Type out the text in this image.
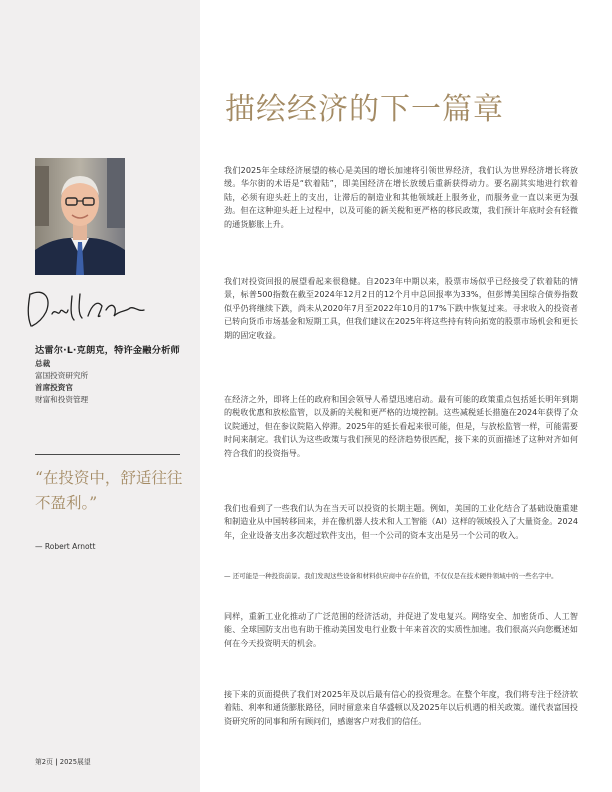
达雷尔·L·克朗克，特许金融分析师
总裁
富国投资研究所
首席投资官
财富和投资管理
“在投资中，舒适往往不盈利。”
— Robert Arnott
第2页 | 2025展望
描绘经济的下一篇章

我们2025年全球经济展望的核心是美国的增长加速将引领世界经济，我们认为世界经济增长将放缓。华尔街的术语是“软着陆”，即美国经济在增长放缓后重新获得动力。要名副其实地进行软着陆，必须有迎头赶上的支出，让滞后的制造业和其他领域赶上服务业，而服务业一直以来更为强劲。但在这种迎头赶上过程中，以及可能的新关税和更严格的移民政策，我们预计年底时会有轻微的通货膨胀上升。

我们对投资回报的展望看起来很稳健。自2023年中期以来，股票市场似乎已经接受了软着陆的情景，标普500指数在截至2024年12月2日的12个月中总回报率为33%，但彭博美国综合债券指数似乎仍将继续下跌，尚未从2020年7月至2022年10月的17%下跌中恢复过来。寻求收入的投资者已转向货币市场基金和短期工具，但我们建议在2025年将这些持有转向拓宽的股票市场机会和更长期的固定收益。

在经济之外，即将上任的政府和国会领导人希望迅速启动。最有可能的政策重点包括延长明年到期的税收优惠和放松监管，以及新的关税和更严格的边境控制。这些减税延长措施在2024年获得了众议院通过，但在参议院陷入停滞。2025年的延长看起来很可能，但是，与放松监管一样，可能需要时间来制定。我们认为这些政策与我们预见的经济趋势很匹配，接下来的页面描述了这种对齐如何符合我们的投资指导。

我们也看到了一些我们认为在当天可以投资的长期主题。例如，美国的工业化结合了基础设施重建和制造业从中国转移回来，并在像机器人技术和人工智能（AI）这样的领域投入了大量资金。2024年，企业设备支出多次超过软件支出，但一个公司的资本支出是另一个公司的收入。

— 还可能是一种投资前景。我们发现这些设备和材料供应商中存在价值，不仅仅是在技术硬件领域中的一些名字中。

同样，重新工业化推动了广泛范围的经济活动，并促进了发电复兴。网络安全、加密货币、人工智能、全球国防支出也有助于推动美国发电行业数十年来首次的实质性加速。我们很高兴向您概述如何在今天投资明天的机会。

接下来的页面提供了我们对2025年及以后最有信心的投资理念。在整个年度，我们将专注于经济软着陆、利率和通货膨胀路径，同时留意来自华盛顿以及2025年以后机遇的相关政策。谨代表富国投资研究所的同事和所有顾问们，感谢客户对我们的信任。
